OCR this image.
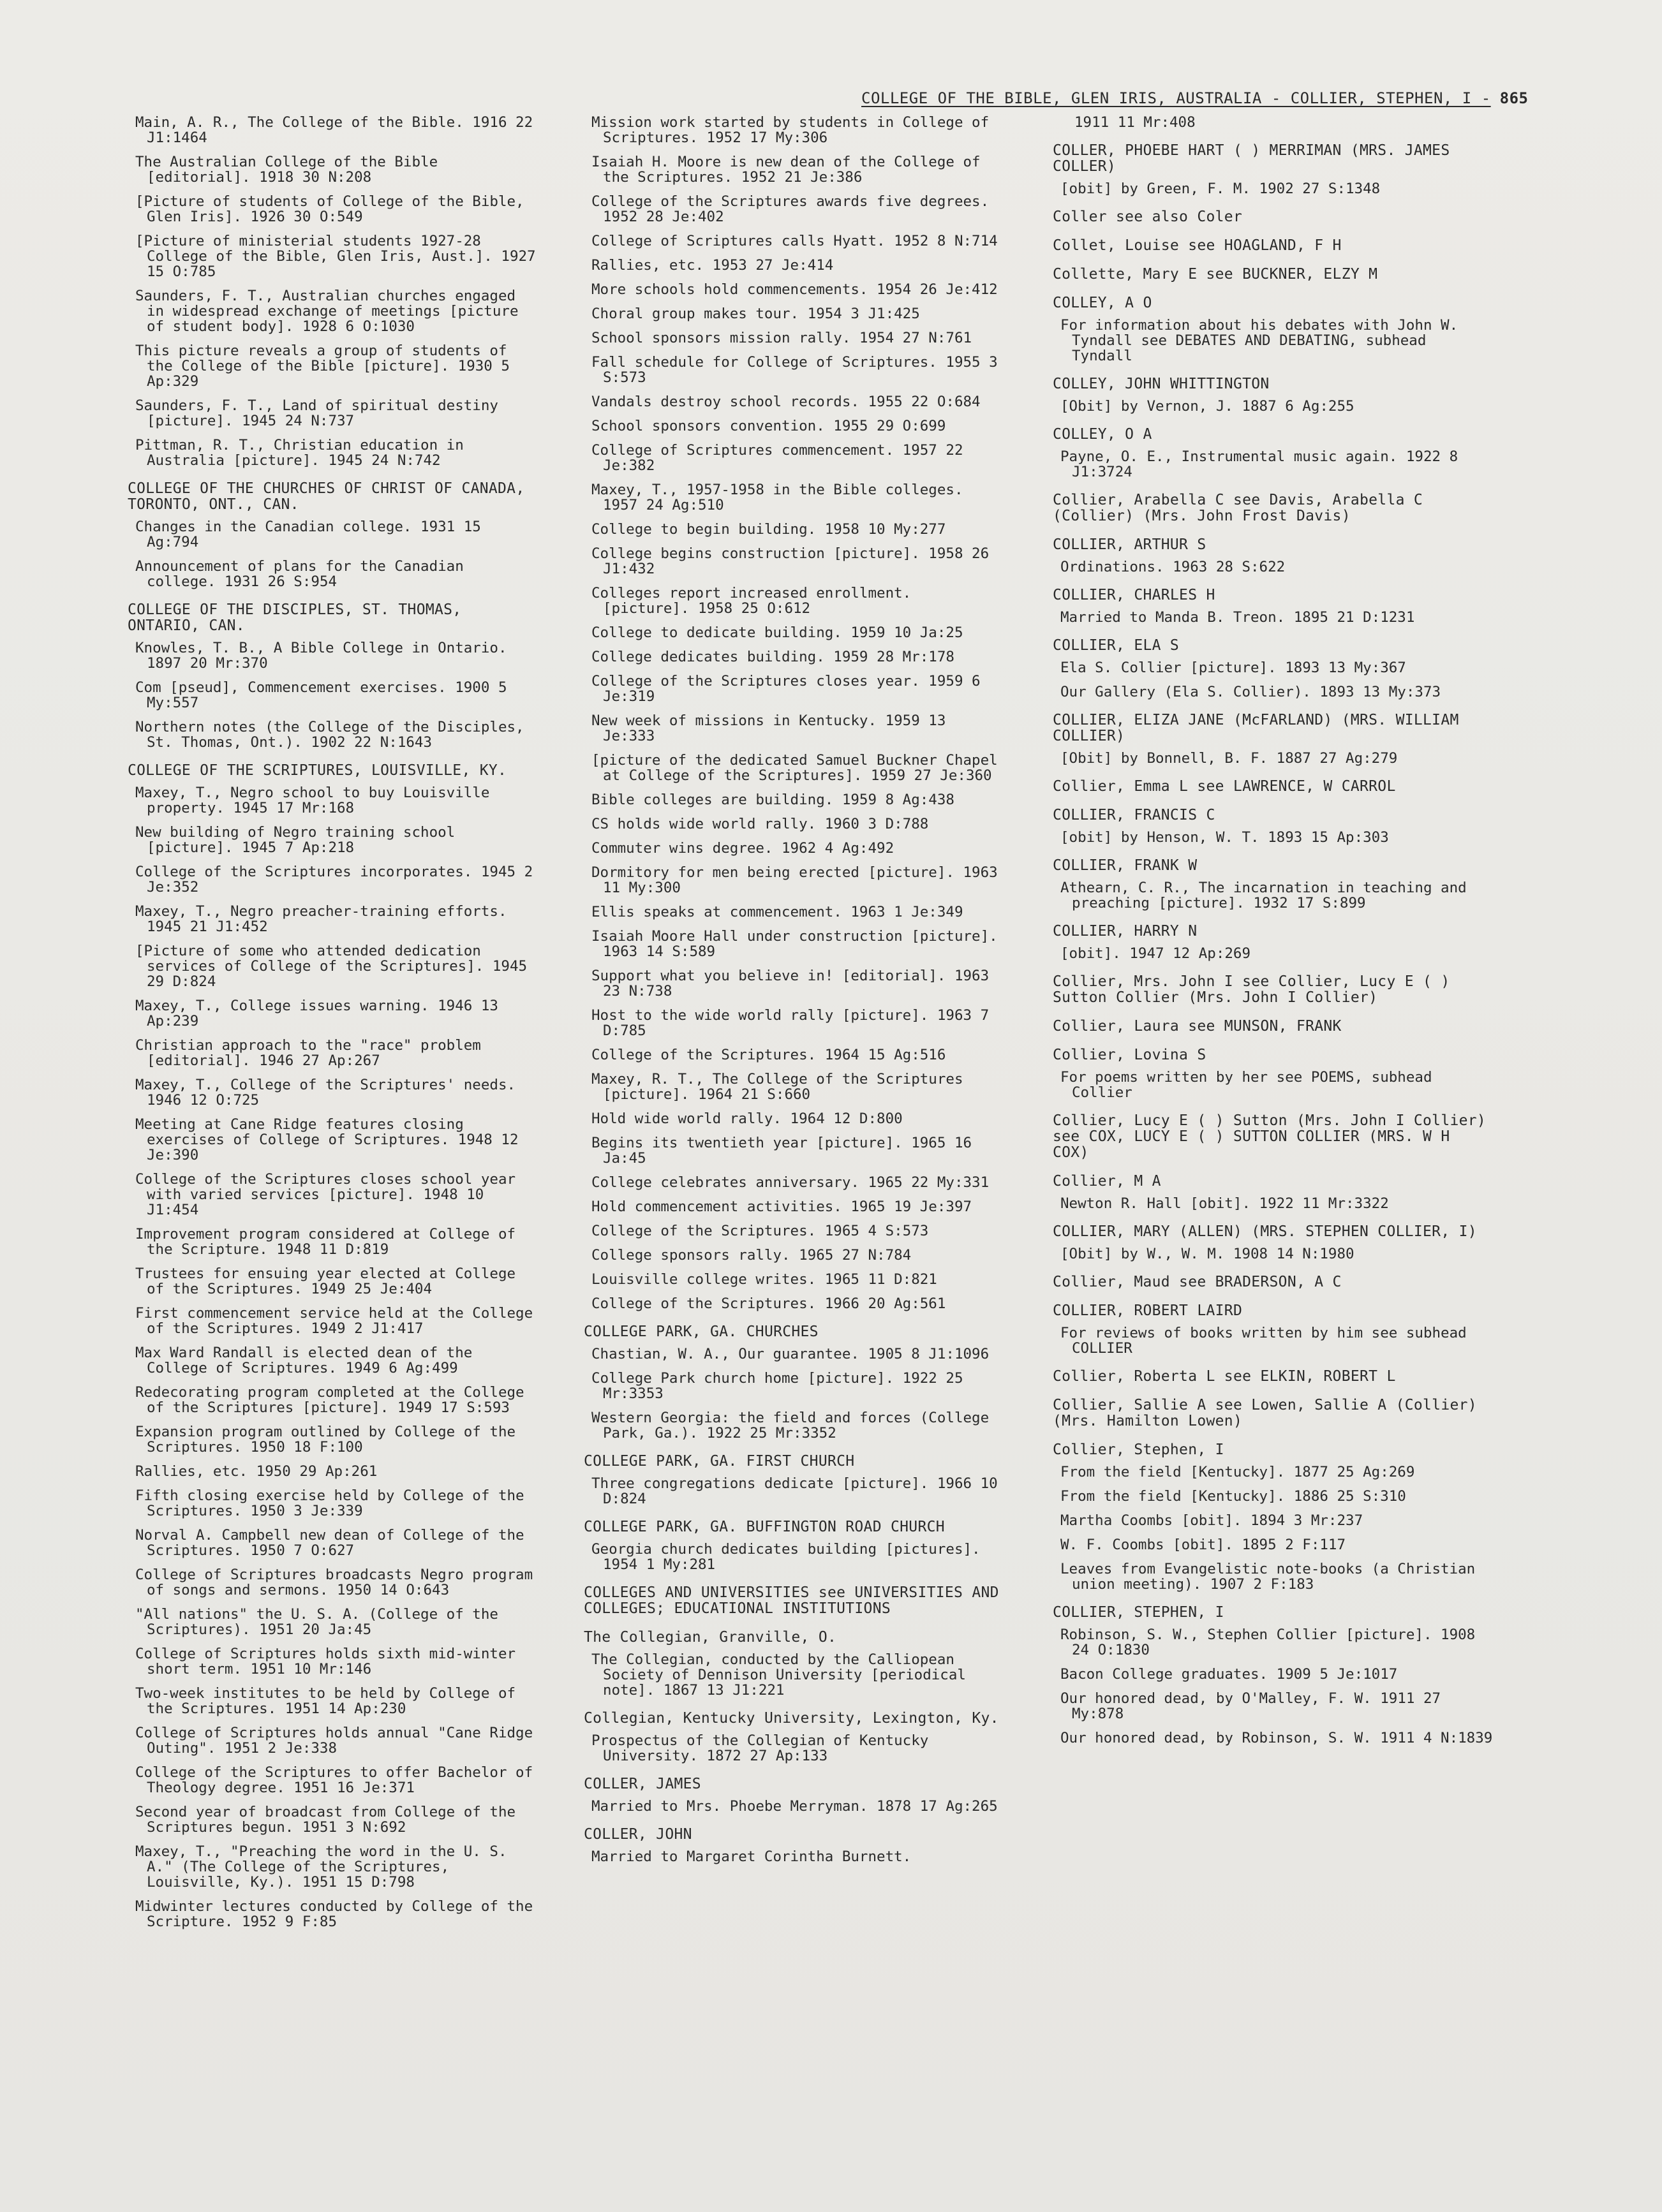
COLLEGE OF THE BIBLE, GLEN IRIS, AUSTRALIA - COLLIER, STEPHEN, I - 865
Main, A. R., The College of the Bible. 1916 22 J1:1464
The Australian College of the Bible [editorial]. 1918 30 N:208
[Picture of students of College of the Bible, Glen Iris]. 1926 30 O:549
[Picture of ministerial students 1927-28 College of the Bible, Glen Iris, Aust.]. 1927 15 O:785
Saunders, F. T., Australian churches engaged in widespread exchange of meetings [picture of student body]. 1928 6 O:1030
This picture reveals a group of students of the College of the Bible [picture]. 1930 5 Ap:329
Saunders, F. T., Land of spiritual destiny [picture]. 1945 24 N:737
Pittman, R. T., Christian education in Australia [picture]. 1945 24 N:742
COLLEGE OF THE CHURCHES OF CHRIST OF CANADA, TORONTO, ONT., CAN.
Changes in the Canadian college. 1931 15 Ag:794
Announcement of plans for the Canadian college. 1931 26 S:954
COLLEGE OF THE DISCIPLES, ST. THOMAS, ONTARIO, CAN.
Knowles, T. B., A Bible College in Ontario. 1897 20 Mr:370
Com [pseud], Commencement exercises. 1900 5 My:557
Northern notes (the College of the Disciples, St. Thomas, Ont.). 1902 22 N:1643
COLLEGE OF THE SCRIPTURES, LOUISVILLE, KY.
Maxey, T., Negro school to buy Louisville property. 1945 17 Mr:168
New building of Negro training school [picture]. 1945 7 Ap:218
College of the Scriptures incorporates. 1945 2 Je:352
Maxey, T., Negro preacher-training efforts. 1945 21 J1:452
[Picture of some who attended dedication services of College of the Scriptures]. 1945 29 D:824
Maxey, T., College issues warning. 1946 13 Ap:239
Christian approach to the "race" problem [editorial]. 1946 27 Ap:267
Maxey, T., College of the Scriptures' needs. 1946 12 O:725
Meeting at Cane Ridge features closing exercises of College of Scriptures. 1948 12 Je:390
College of the Scriptures closes school year with varied services [picture]. 1948 10 J1:454
Improvement program considered at College of the Scripture. 1948 11 D:819
Trustees for ensuing year elected at College of the Scriptures. 1949 25 Je:404
First commencement service held at the College of the Scriptures. 1949 2 J1:417
Max Ward Randall is elected dean of the College of Scriptures. 1949 6 Ag:499
Redecorating program completed at the College of the Scriptures [picture]. 1949 17 S:593
Expansion program outlined by College of the Scriptures. 1950 18 F:100
Rallies, etc. 1950 29 Ap:261
Fifth closing exercise held by College of the Scriptures. 1950 3 Je:339
Norval A. Campbell new dean of College of the Scriptures. 1950 7 O:627
College of Scriptures broadcasts Negro program of songs and sermons. 1950 14 O:643
"All nations" the U. S. A. (College of the Scriptures). 1951 20 Ja:45
College of Scriptures holds sixth mid-winter short term. 1951 10 Mr:146
Two-week institutes to be held by College of the Scriptures. 1951 14 Ap:230
College of Scriptures holds annual "Cane Ridge Outing". 1951 2 Je:338
College of the Scriptures to offer Bachelor of Theology degree. 1951 16 Je:371
Second year of broadcast from College of the Scriptures begun. 1951 3 N:692
Maxey, T., "Preaching the word in the U. S. A." (The College of the Scriptures, Louisville, Ky.). 1951 15 D:798
Midwinter lectures conducted by College of the Scripture. 1952 9 F:85
Mission work started by students in College of Scriptures. 1952 17 My:306
Isaiah H. Moore is new dean of the College of the Scriptures. 1952 21 Je:386
College of the Scriptures awards five degrees. 1952 28 Je:402
College of Scriptures calls Hyatt. 1952 8 N:714
Rallies, etc. 1953 27 Je:414
More schools hold commencements. 1954 26 Je:412
Choral group makes tour. 1954 3 J1:425
School sponsors mission rally. 1954 27 N:761
Fall schedule for College of Scriptures. 1955 3 S:573
Vandals destroy school records. 1955 22 O:684
School sponsors convention. 1955 29 O:699
College of Scriptures commencement. 1957 22 Je:382
Maxey, T., 1957-1958 in the Bible colleges. 1957 24 Ag:510
College to begin building. 1958 10 My:277
College begins construction [picture]. 1958 26 J1:432
Colleges report increased enrollment. [picture]. 1958 25 O:612
College to dedicate building. 1959 10 Ja:25
College dedicates building. 1959 28 Mr:178
College of the Scriptures closes year. 1959 6 Je:319
New week of missions in Kentucky. 1959 13 Je:333
[picture of the dedicated Samuel Buckner Chapel at College of the Scriptures]. 1959 27 Je:360
Bible colleges are building. 1959 8 Ag:438
CS holds wide world rally. 1960 3 D:788
Commuter wins degree. 1962 4 Ag:492
Dormitory for men being erected [picture]. 1963 11 My:300
Ellis speaks at commencement. 1963 1 Je:349
Isaiah Moore Hall under construction [picture]. 1963 14 S:589
Support what you believe in! [editorial]. 1963 23 N:738
Host to the wide world rally [picture]. 1963 7 D:785
College of the Scriptures. 1964 15 Ag:516
Maxey, R. T., The College of the Scriptures [picture]. 1964 21 S:660
Hold wide world rally. 1964 12 D:800
Begins its twentieth year [picture]. 1965 16 Ja:45
College celebrates anniversary. 1965 22 My:331
Hold commencement activities. 1965 19 Je:397
College of the Scriptures. 1965 4 S:573
College sponsors rally. 1965 27 N:784
Louisville college writes. 1965 11 D:821
College of the Scriptures. 1966 20 Ag:561
COLLEGE PARK, GA. CHURCHES
Chastian, W. A., Our guarantee. 1905 8 J1:1096
College Park church home [picture]. 1922 25 Mr:3353
Western Georgia: the field and forces (College Park, Ga.). 1922 25 Mr:3352
COLLEGE PARK, GA. FIRST CHURCH
Three congregations dedicate [picture]. 1966 10 D:824
COLLEGE PARK, GA. BUFFINGTON ROAD CHURCH
Georgia church dedicates building [pictures]. 1954 1 My:281
COLLEGES AND UNIVERSITIES see UNIVERSITIES AND COLLEGES; EDUCATIONAL INSTITUTIONS
The Collegian, Granville, O.
The Collegian, conducted by the Calliopean Society of Dennison University [periodical note]. 1867 13 J1:221
Collegian, Kentucky University, Lexington, Ky.
Prospectus of the Collegian of Kentucky University. 1872 27 Ap:133
COLLER, JAMES
Married to Mrs. Phoebe Merryman. 1878 17 Ag:265
COLLER, JOHN
Married to Margaret Corintha Burnett.
1911 11 Mr:408
COLLER, PHOEBE HART ( ) MERRIMAN (MRS. JAMES COLLER)
[obit] by Green, F. M. 1902 27 S:1348
Coller see also Coler
Collet, Louise see HOAGLAND, F H
Collette, Mary E see BUCKNER, ELZY M
COLLEY, A O
For information about his debates with John W. Tyndall see DEBATES AND DEBATING, subhead Tyndall
COLLEY, JOHN WHITTINGTON
[Obit] by Vernon, J. 1887 6 Ag:255
COLLEY, O A
Payne, O. E., Instrumental music again. 1922 8 J1:3724
Collier, Arabella C see Davis, Arabella C (Collier) (Mrs. John Frost Davis)
COLLIER, ARTHUR S
Ordinations. 1963 28 S:622
COLLIER, CHARLES H
Married to Manda B. Treon. 1895 21 D:1231
COLLIER, ELA S
Ela S. Collier [picture]. 1893 13 My:367
Our Gallery (Ela S. Collier). 1893 13 My:373
COLLIER, ELIZA JANE (McFARLAND) (MRS. WILLIAM COLLIER)
[Obit] by Bonnell, B. F. 1887 27 Ag:279
Collier, Emma L see LAWRENCE, W CARROL
COLLIER, FRANCIS C
[obit] by Henson, W. T. 1893 15 Ap:303
COLLIER, FRANK W
Athearn, C. R., The incarnation in teaching and preaching [picture]. 1932 17 S:899
COLLIER, HARRY N
[obit]. 1947 12 Ap:269
Collier, Mrs. John I see Collier, Lucy E ( ) Sutton Collier (Mrs. John I Collier)
Collier, Laura see MUNSON, FRANK
Collier, Lovina S
For poems written by her see POEMS, subhead Collier
Collier, Lucy E ( ) Sutton (Mrs. John I Collier) see COX, LUCY E ( ) SUTTON COLLIER (MRS. W H COX)
Collier, M A
Newton R. Hall [obit]. 1922 11 Mr:3322
COLLIER, MARY (ALLEN) (MRS. STEPHEN COLLIER, I)
[Obit] by W., W. M. 1908 14 N:1980
Collier, Maud see BRADERSON, A C
COLLIER, ROBERT LAIRD
For reviews of books written by him see subhead COLLIER
Collier, Roberta L see ELKIN, ROBERT L
Collier, Sallie A see Lowen, Sallie A (Collier) (Mrs. Hamilton Lowen)
Collier, Stephen, I
From the field [Kentucky]. 1877 25 Ag:269
From the field [Kentucky]. 1886 25 S:310
Martha Coombs [obit]. 1894 3 Mr:237
W. F. Coombs [obit]. 1895 2 F:117
Leaves from Evangelistic note-books (a Christian union meeting). 1907 2 F:183
COLLIER, STEPHEN, I
Robinson, S. W., Stephen Collier [picture]. 1908 24 O:1830
Bacon College graduates. 1909 5 Je:1017
Our honored dead, by O'Malley, F. W. 1911 27 My:878
Our honored dead, by Robinson, S. W. 1911 4 N:1839
